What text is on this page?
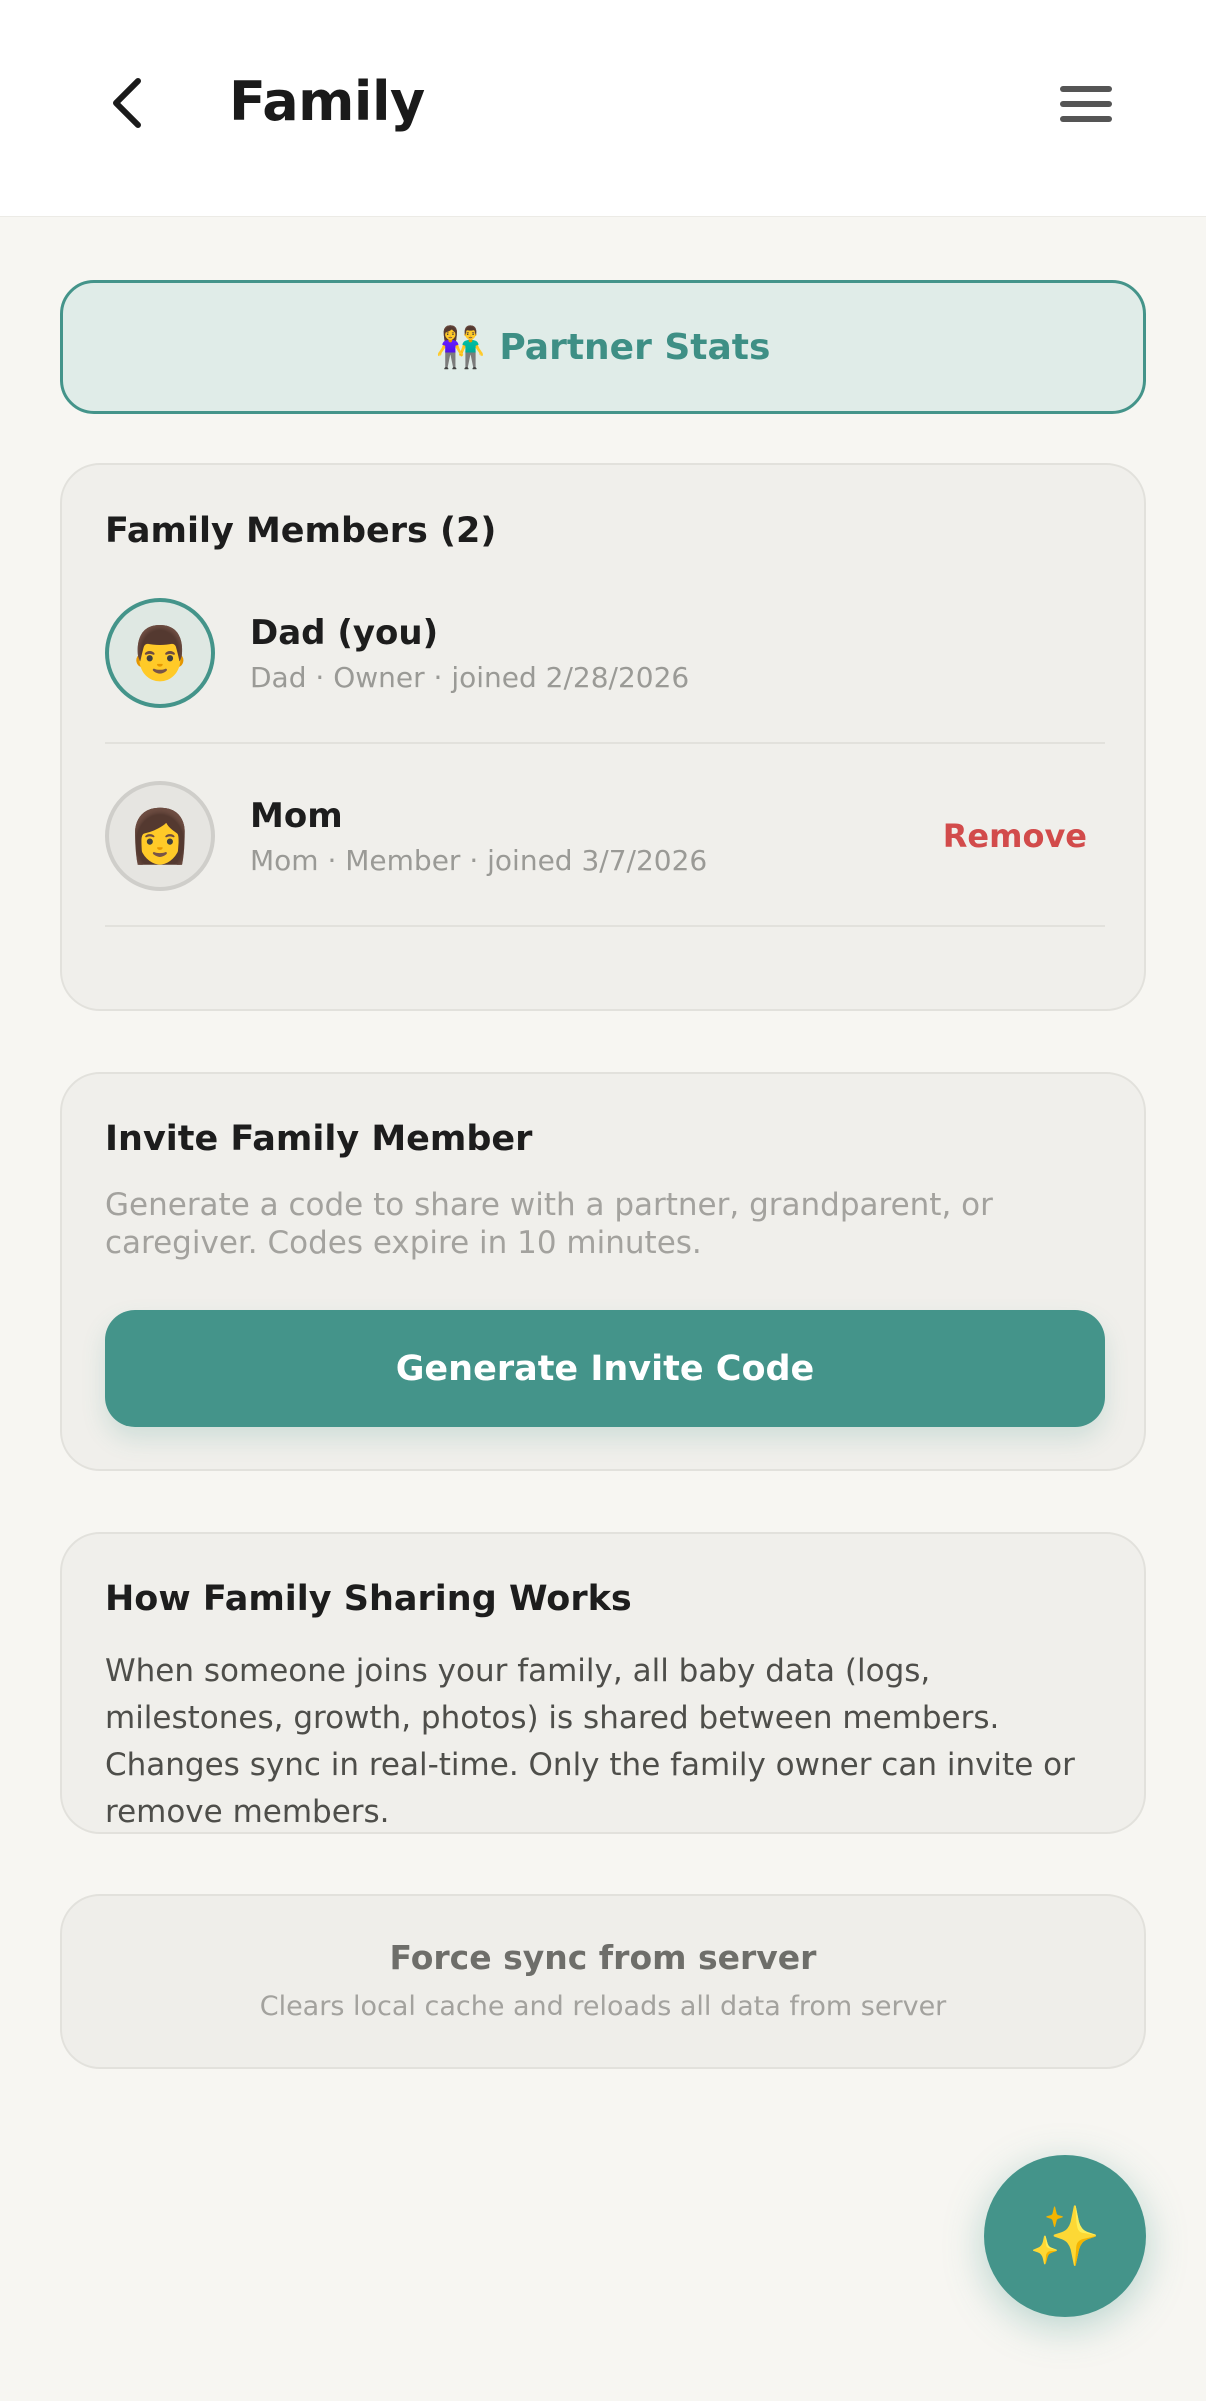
Family
👫 Partner Stats
Family Members (2)
👨 Dad (you)
Dad · Owner · joined 2/28/2026
👩 Mom
Mom · Member · joined 3/7/2026
Remove
Invite Family Member
Generate a code to share with a partner, grandparent, or caregiver. Codes expire in 10 minutes.
Generate Invite Code
How Family Sharing Works
When someone joins your family, all baby data (logs, milestones, growth, photos) is shared between members. Changes sync in real-time. Only the family owner can invite or remove members.
Force sync from server
Clears local cache and reloads all data from server
✨
